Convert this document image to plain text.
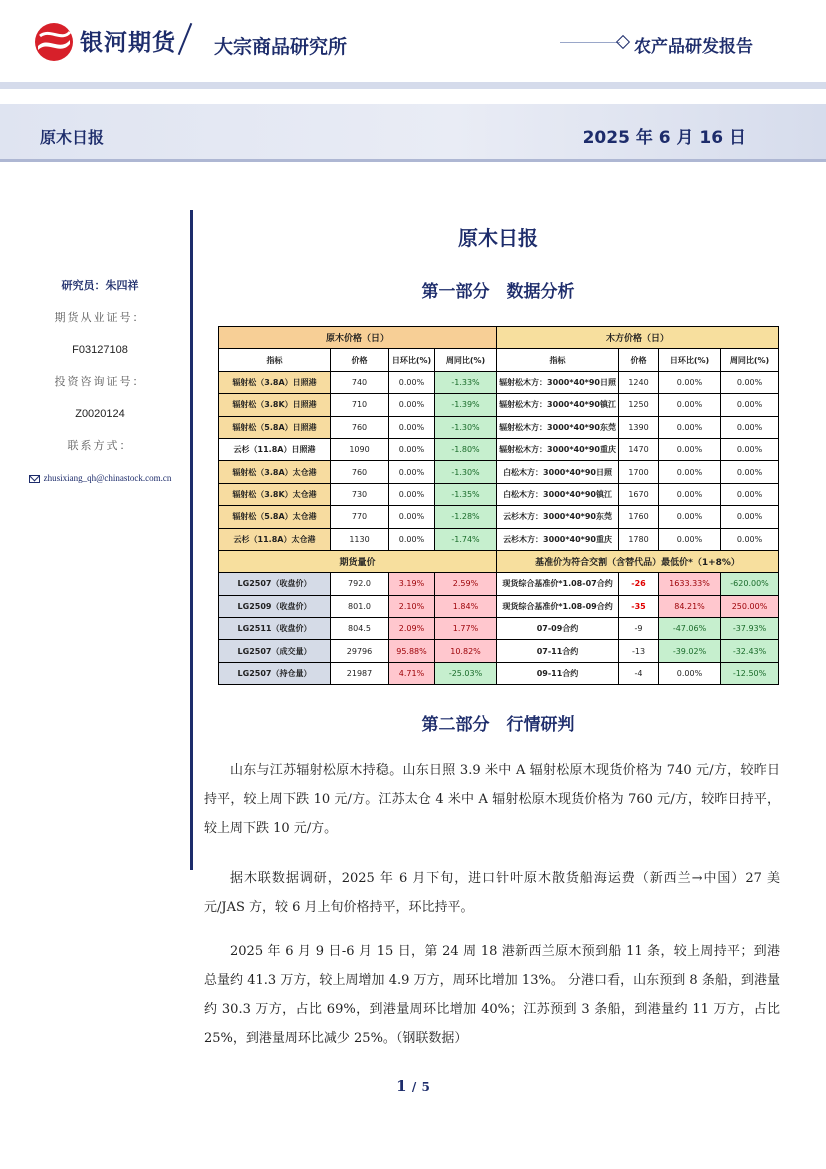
银河期货 大宗商品研究所	农产品研发报告
原木日报	2025 年 6 月 16 日
研究员：朱四祥
期货从业证号：
F03127108
投资咨询证号：
Z0020124
联系方式：
zhusixiang_qh@chinastock.com.cn
原木日报
第一部分　数据分析
原木价格（日）				木方价格（日）			
指标	价格	日环比(%)	周同比(%)	指标	价格	日环比(%)	周同比(%)
辐射松（3.8A）日照港	740	0.00%	-1.33%	辐射松木方：3000*40*90日照	1240	0.00%	0.00%
辐射松（3.8K）日照港	710	0.00%	-1.39%	辐射松木方：3000*40*90镇江	1250	0.00%	0.00%
辐射松（5.8A）日照港	760	0.00%	-1.30%	辐射松木方：3000*40*90东莞	1390	0.00%	0.00%
云杉（11.8A）日照港	1090	0.00%	-1.80%	辐射松木方：3000*40*90重庆	1470	0.00%	0.00%
辐射松（3.8A）太仓港	760	0.00%	-1.30%	白松木方：3000*40*90日照	1700	0.00%	0.00%
辐射松（3.8K）太仓港	730	0.00%	-1.35%	白松木方：3000*40*90镇江	1670	0.00%	0.00%
辐射松（5.8A）太仓港	770	0.00%	-1.28%	云杉木方：3000*40*90东莞	1760	0.00%	0.00%
云杉（11.8A）太仓港	1130	0.00%	-1.74%	云杉木方：3000*40*90重庆	1780	0.00%	0.00%
期货量价				基准价为符合交割（含替代品）最低价*（1+8%）			
LG2507（收盘价）	792.0	3.19%	2.59%	现货综合基准价*1.08-07合约	-26	1633.33%	-620.00%
LG2509（收盘价）	801.0	2.10%	1.84%	现货综合基准价*1.08-09合约	-35	84.21%	250.00%
LG2511（收盘价）	804.5	2.09%	1.77%	07-09合约	-9	-47.06%	-37.93%
LG2507（成交量）	29796	95.88%	10.82%	07-11合约	-13	-39.02%	-32.43%
LG2507（持仓量）	21987	4.71%	-25.03%	09-11合约	-4	0.00%	-12.50%
第二部分　行情研判

山东与江苏辐射松原木持稳。山东日照 3.9 米中 A 辐射松原木现货价格为 740 元/方，较昨日持平，较上周下跌 10 元/方。江苏太仓 4 米中 A 辐射松原木现货价格为 760 元/方，较昨日持平，较上周下跌 10 元/方。

据木联数据调研，2025 年 6 月下旬，进口针叶原木散货船海运费（新西兰→中国）27 美元/JAS 方，较 6 月上旬价格持平，环比持平。

2025 年 6 月 9 日-6 月 15 日，第 24 周 18 港新西兰原木预到船 11 条，较上周持平；到港总量约 41.3 万方，较上周增加 4.9 万方，周环比增加 13%。 分港口看，山东预到 8 条船，到港量约 30.3 万方，占比 69%，到港量周环比增加 40%；江苏预到 3 条船，到港量约 11 万方，占比 25%，到港量周环比减少 25%。（钢联数据）

1 / 5
